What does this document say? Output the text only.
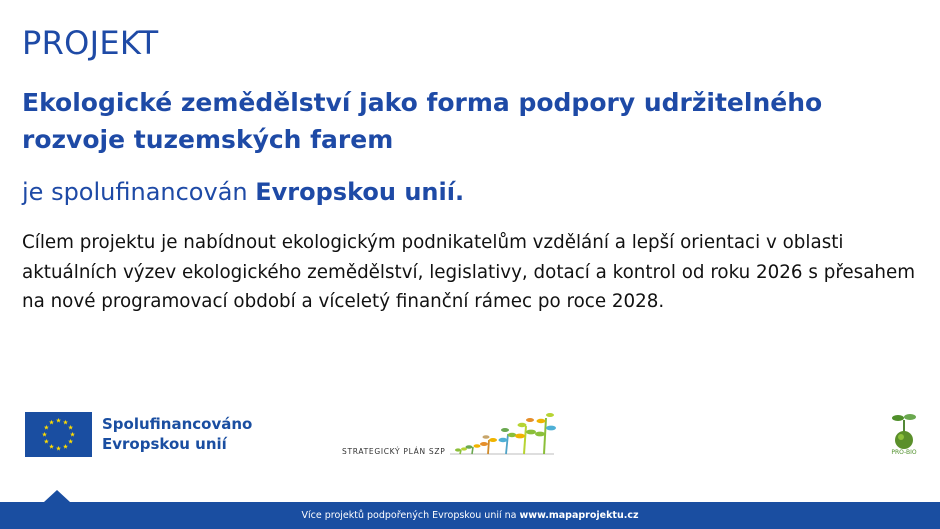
PROJEKT
Ekologické zemědělství jako forma podpory udržitelného rozvoje tuzemských farem
je spolufinancován Evropskou unií.
Cílem projektu je nabídnout ekologickým podnikatelům vzdělání a lepší orientaci v oblasti aktuálních výzev ekologického zemědělství, legislativy, dotací a kontrol od roku 2026 s přesahem na nové programovací období a víceletý finanční rámec po roce 2028.
Spolufinancováno
Evropskou unií	STRATEGICKÝ PLÁN SZP	PRO-BIO
Více projektů podpořených Evropskou unií na www.mapaprojektu.cz
